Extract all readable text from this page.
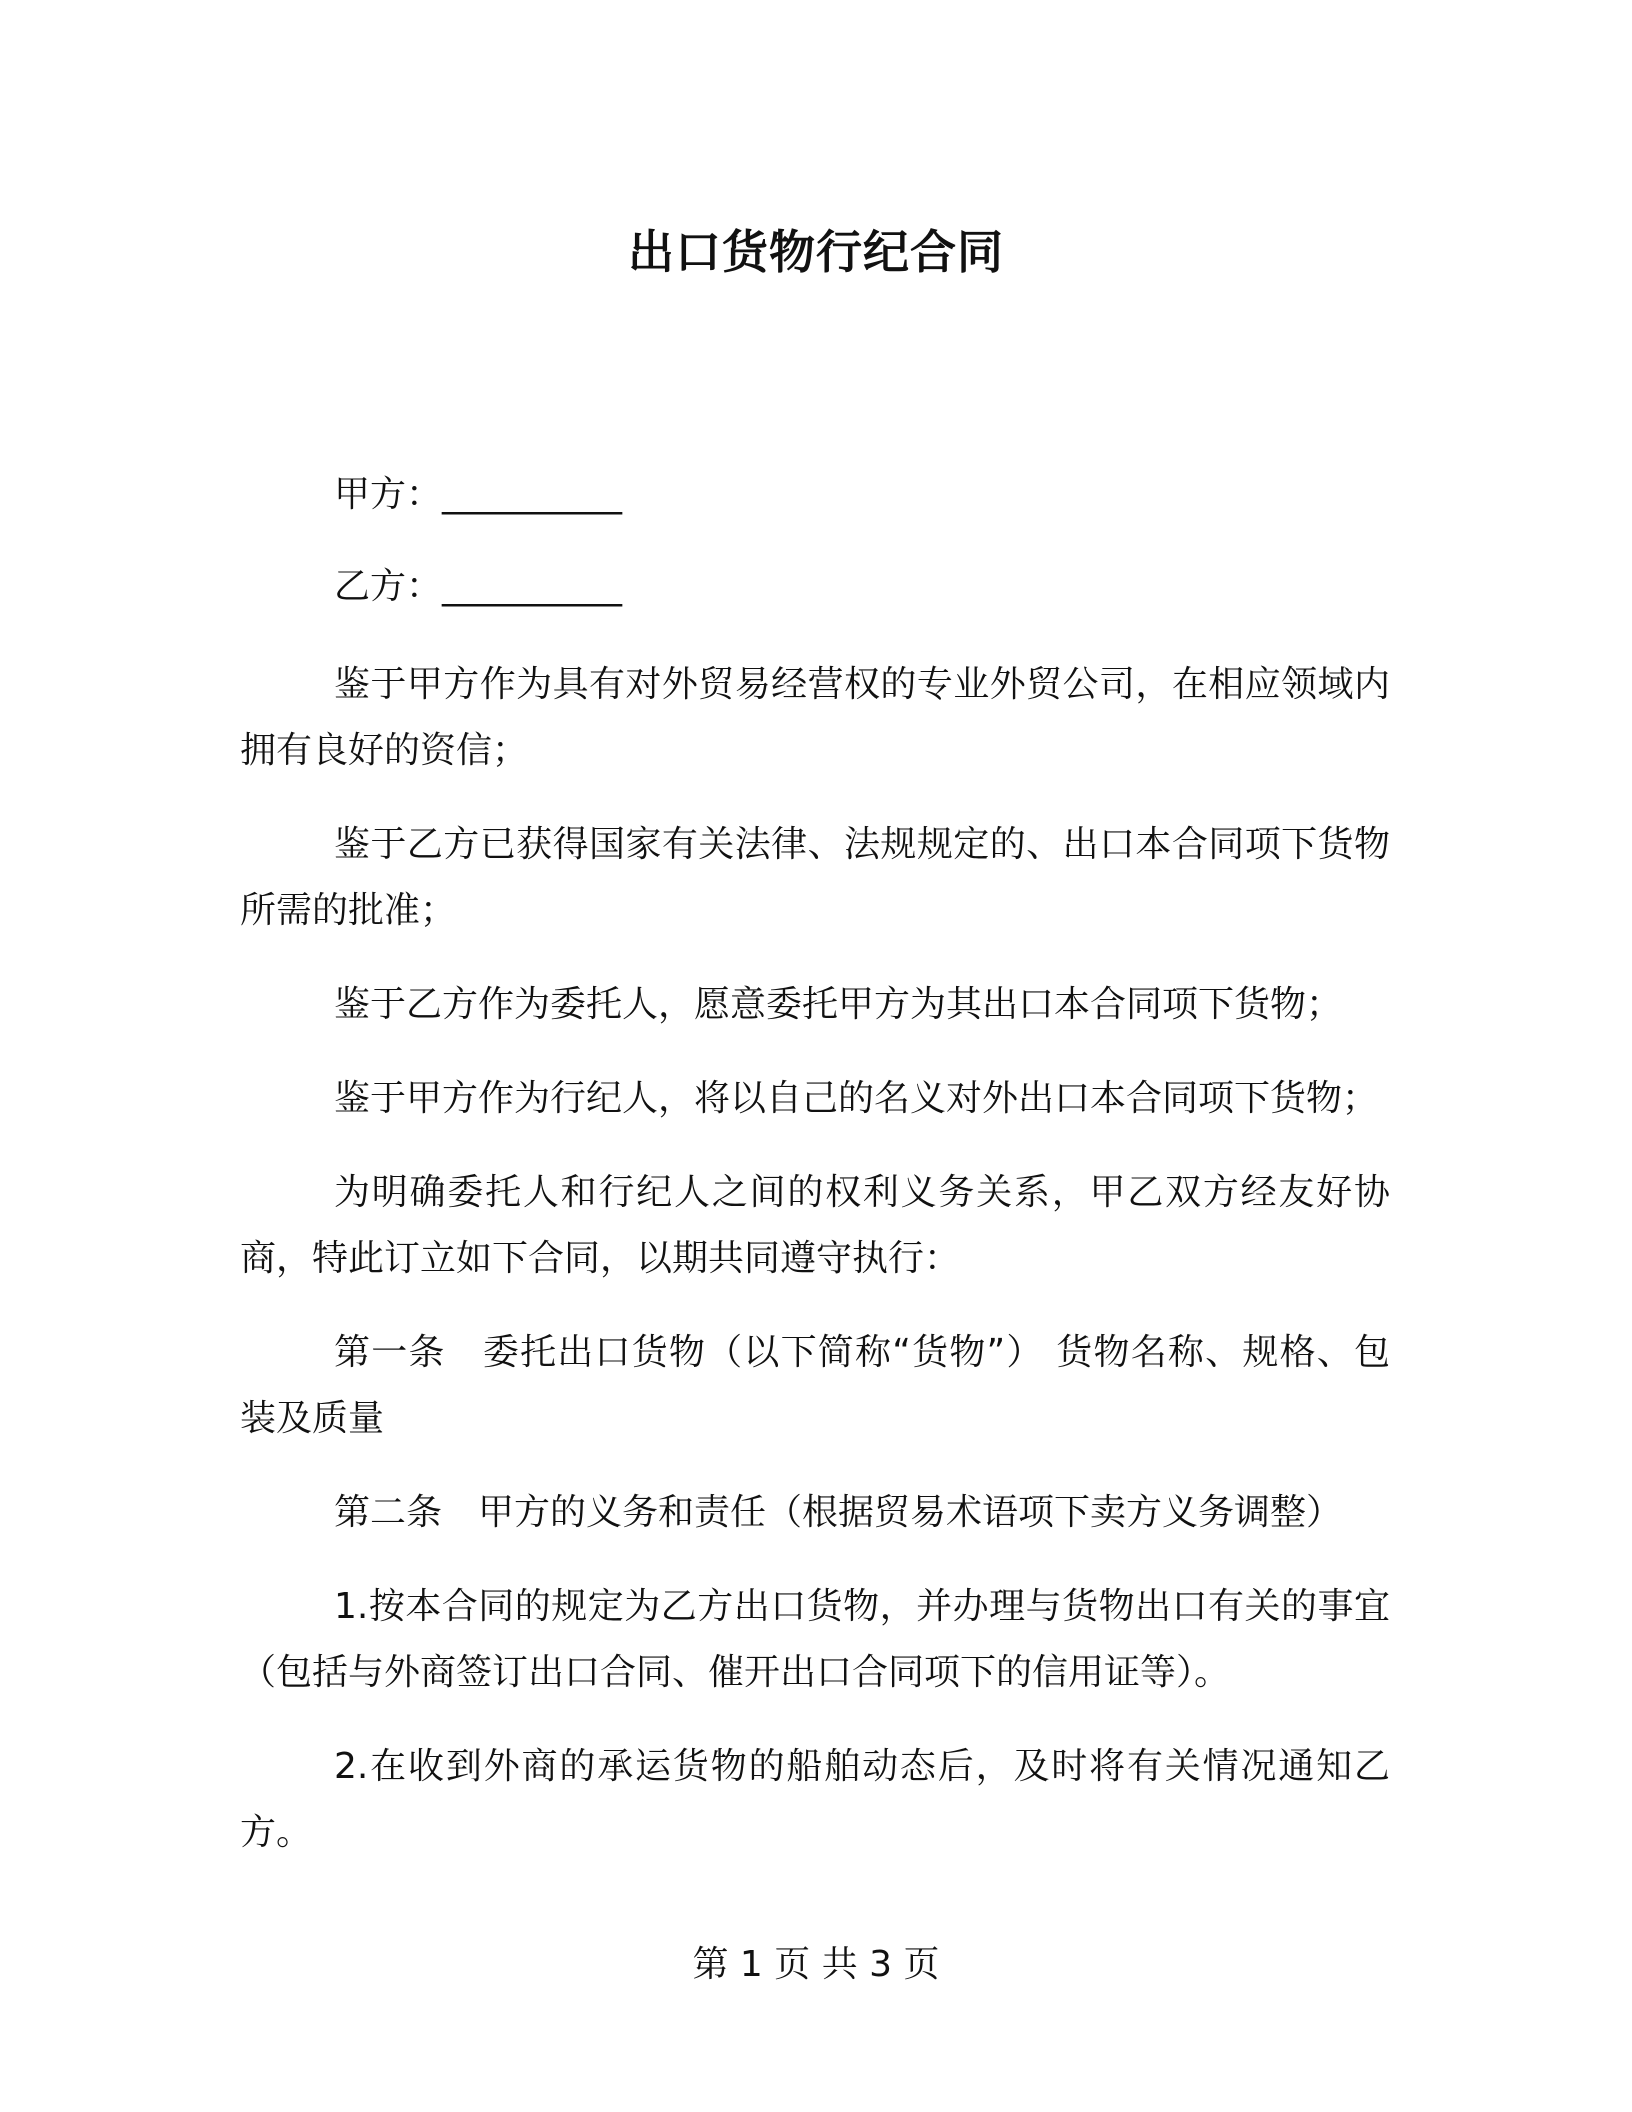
出口货物行纪合同

甲方：__________

乙方：__________

鉴于甲方作为具有对外贸易经营权的专业外贸公司，在相应领域内拥有良好的资信；

鉴于乙方已获得国家有关法律、法规规定的、出口本合同项下货物所需的批准；

鉴于乙方作为委托人，愿意委托甲方为其出口本合同项下货物；

鉴于甲方作为行纪人，将以自己的名义对外出口本合同项下货物；

为明确委托人和行纪人之间的权利义务关系，甲乙双方经友好协商，特此订立如下合同，以期共同遵守执行：

第一条　委托出口货物（以下简称“货物”） 货物名称、规格、包装及质量

第二条　甲方的义务和责任（根据贸易术语项下卖方义务调整）

1.按本合同的规定为乙方出口货物，并办理与货物出口有关的事宜（包括与外商签订出口合同、催开出口合同项下的信用证等）。

2.在收到外商的承运货物的船舶动态后，及时将有关情况通知乙方。

第 1 页 共 3 页
